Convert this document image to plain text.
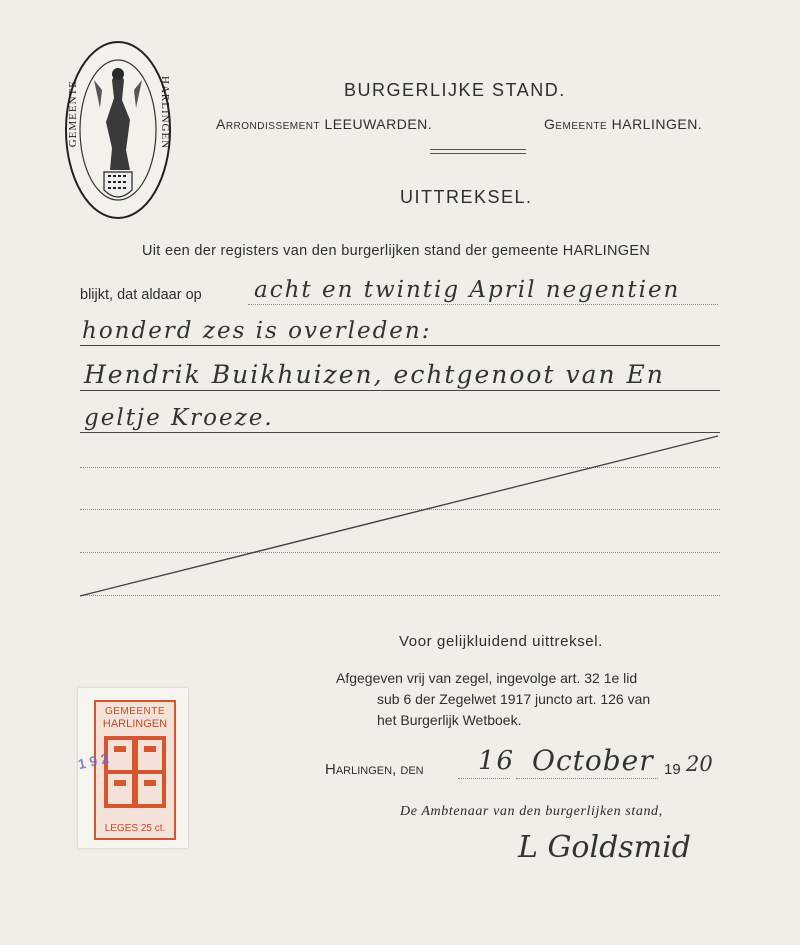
GEMEENTE	HARLINGEN	BURGERLIJKE STAND.
Arrondissement LEEUWARDEN.	Gemeente HARLINGEN.
UITTREKSEL.
Uit een der registers van den burgerlijken stand der gemeente HARLINGEN
blijkt, dat aldaar op acht en twintig April negentien
honderd zes is overleden:
Hendrik Buikhuizen, echtgenoot van En
geltje Kroeze.
Voor gelijkluidend uittreksel.
Afgegeven vrij van zegel, ingevolge art. 32 1e lid
sub 6 der Zegelwet 1917 juncto art. 126 van
het Burgerlijk Wetboek.
Harlingen, den 16 October 19 20
De Ambtenaar van den burgerlijken stand,
L Goldsmid
GEMEENTE
HARLINGEN
LEGES 25 ct.
1 9 2
